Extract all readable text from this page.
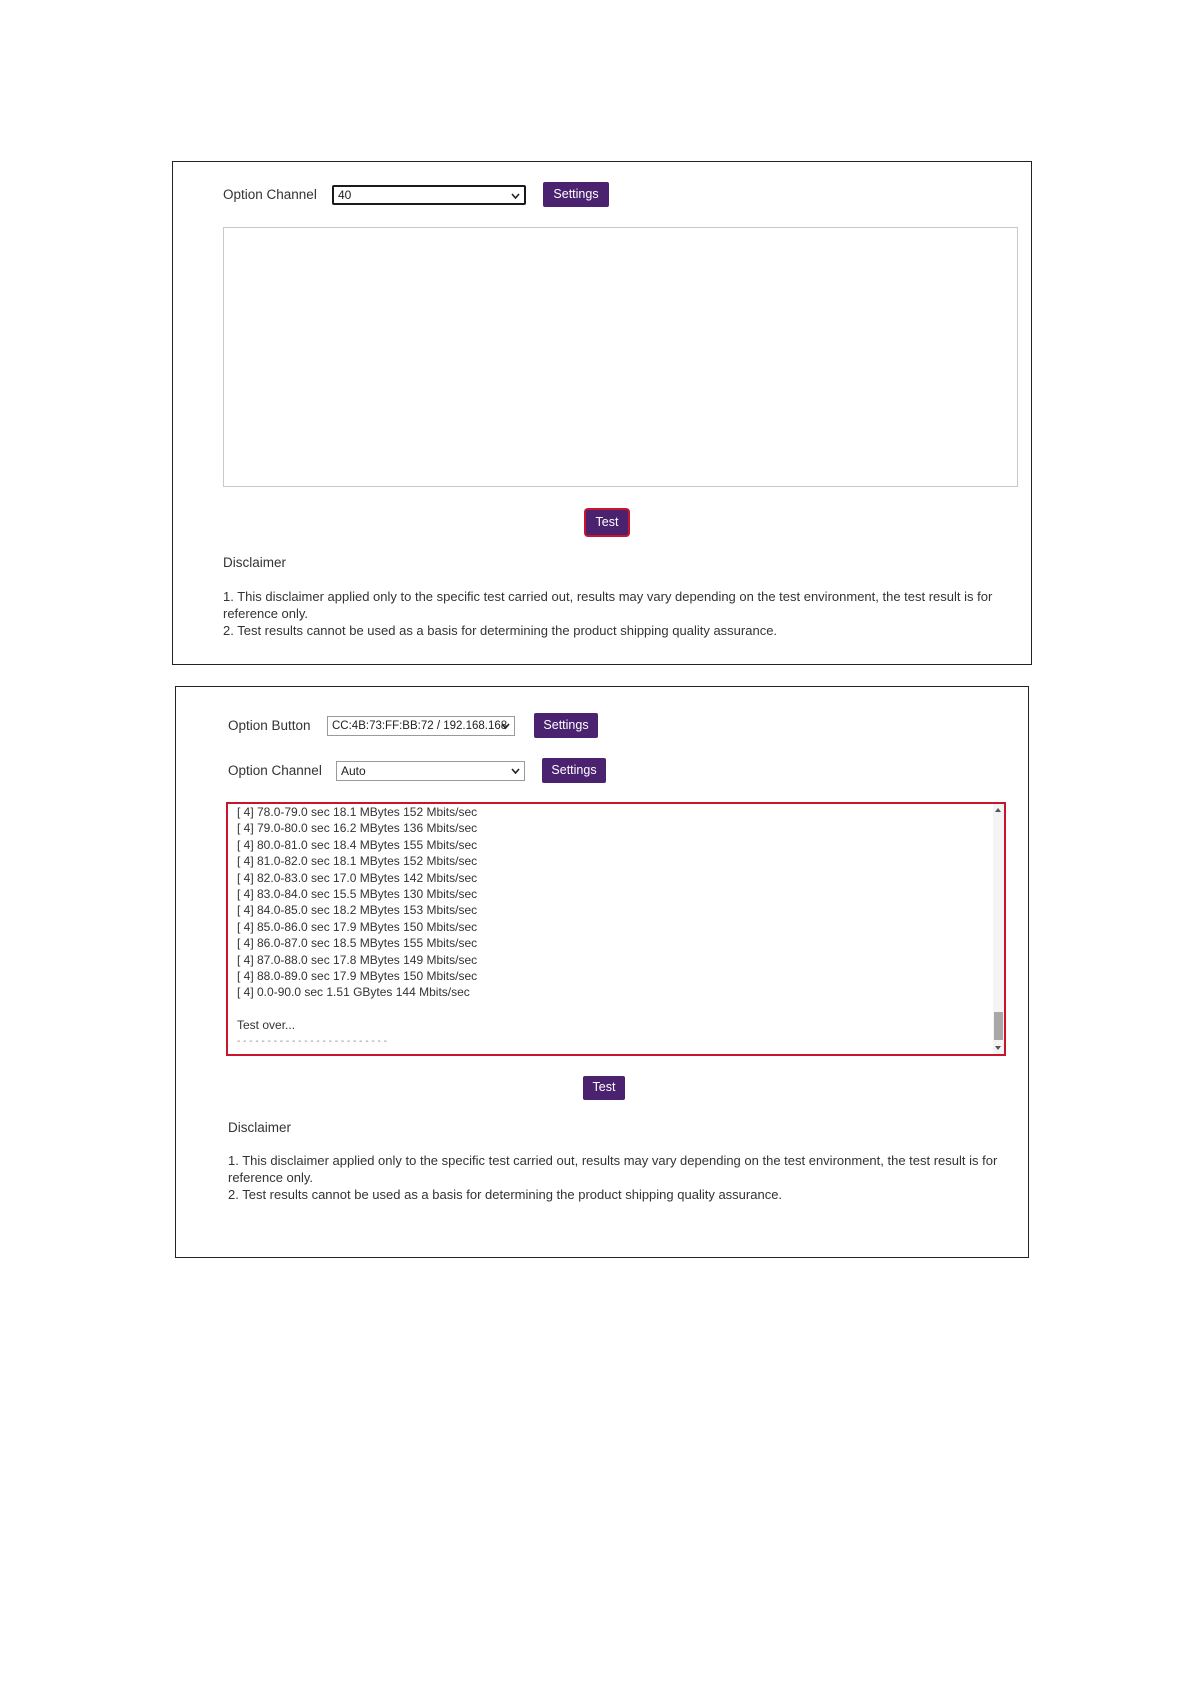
Option Channel	40	Settings
Test
Disclaimer
1. This disclaimer applied only to the specific test carried out, results may vary depending on the test environment, the test result is for reference only.
2. Test results cannot be used as a basis for determining the product shipping quality assurance.
Option Button	CC:4B:73:FF:BB:72 / 192.168.168	Settings
Option Channel	Auto	Settings
[ 4] 78.0-79.0 sec 18.1 MBytes 152 Mbits/sec
[ 4] 79.0-80.0 sec 16.2 MBytes 136 Mbits/sec
[ 4] 80.0-81.0 sec 18.4 MBytes 155 Mbits/sec
[ 4] 81.0-82.0 sec 18.1 MBytes 152 Mbits/sec
[ 4] 82.0-83.0 sec 17.0 MBytes 142 Mbits/sec
[ 4] 83.0-84.0 sec 15.5 MBytes 130 Mbits/sec
[ 4] 84.0-85.0 sec 18.2 MBytes 153 Mbits/sec
[ 4] 85.0-86.0 sec 17.9 MBytes 150 Mbits/sec
[ 4] 86.0-87.0 sec 18.5 MBytes 155 Mbits/sec
[ 4] 87.0-88.0 sec 17.8 MBytes 149 Mbits/sec
[ 4] 88.0-89.0 sec 17.9 MBytes 150 Mbits/sec
[ 4] 0.0-90.0 sec 1.51 GBytes 144 Mbits/sec
Test over...
- - - - - - - - - - - - - - - - - - - - - - - - -
Test
Disclaimer
1. This disclaimer applied only to the specific test carried out, results may vary depending on the test environment, the test result is for reference only.
2. Test results cannot be used as a basis for determining the product shipping quality assurance.
